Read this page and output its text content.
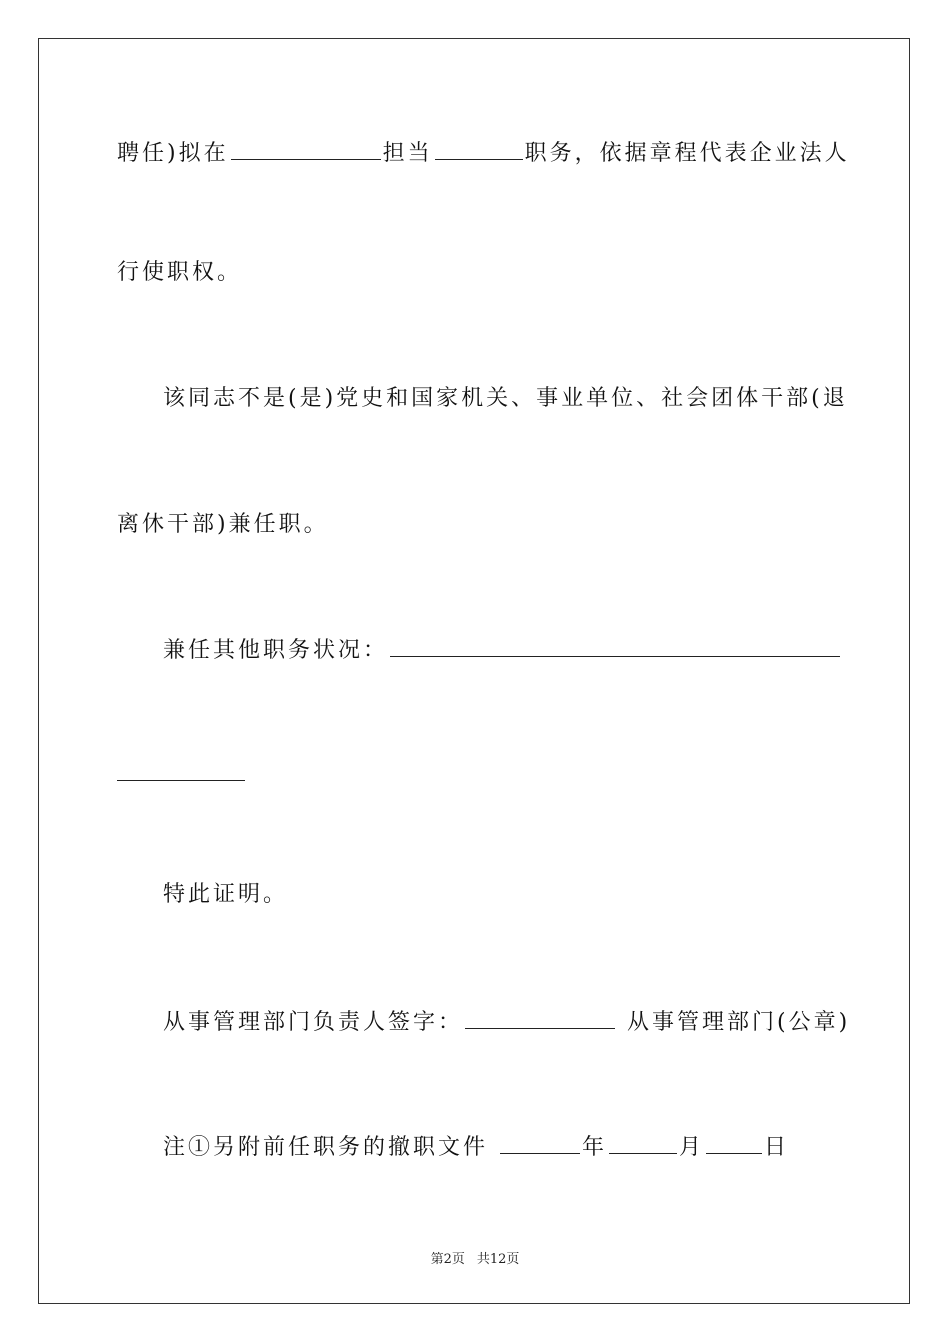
聘任)拟在	担当	职务，依据章程代表企业法人
行使职权。
该同志不是(是)党史和国家机关、事业单位、社会团体干部(退
离休干部)兼任职。
兼任其他职务状况：
特此证明。
从事管理部门负责人签字：	从事管理部门(公章)
注①另附前任职务的撤职文件	年	月	日
第2页 共12页
